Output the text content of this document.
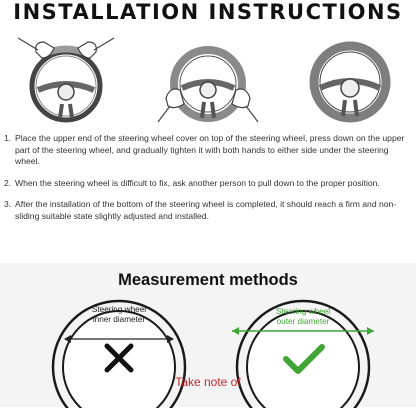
INSTALLATION INSTRUCTIONS
1. Place the upper end of the steering wheel cover on top of the steering wheel, press down on the upper part of the steering wheel, and gradually tighten it with both hands to either side under the steering wheel.
2. When the steering wheel is difficult to fix, ask another person to pull down to the proper position.
3. After the installation of the bottom of the steering wheel is completed, it should reach a firm and non-sliding suitable state slightly adjusted and installed.
Measurement methods
Steering wheel
inner diameter
Steering wheel
outer diameter
Take note of
